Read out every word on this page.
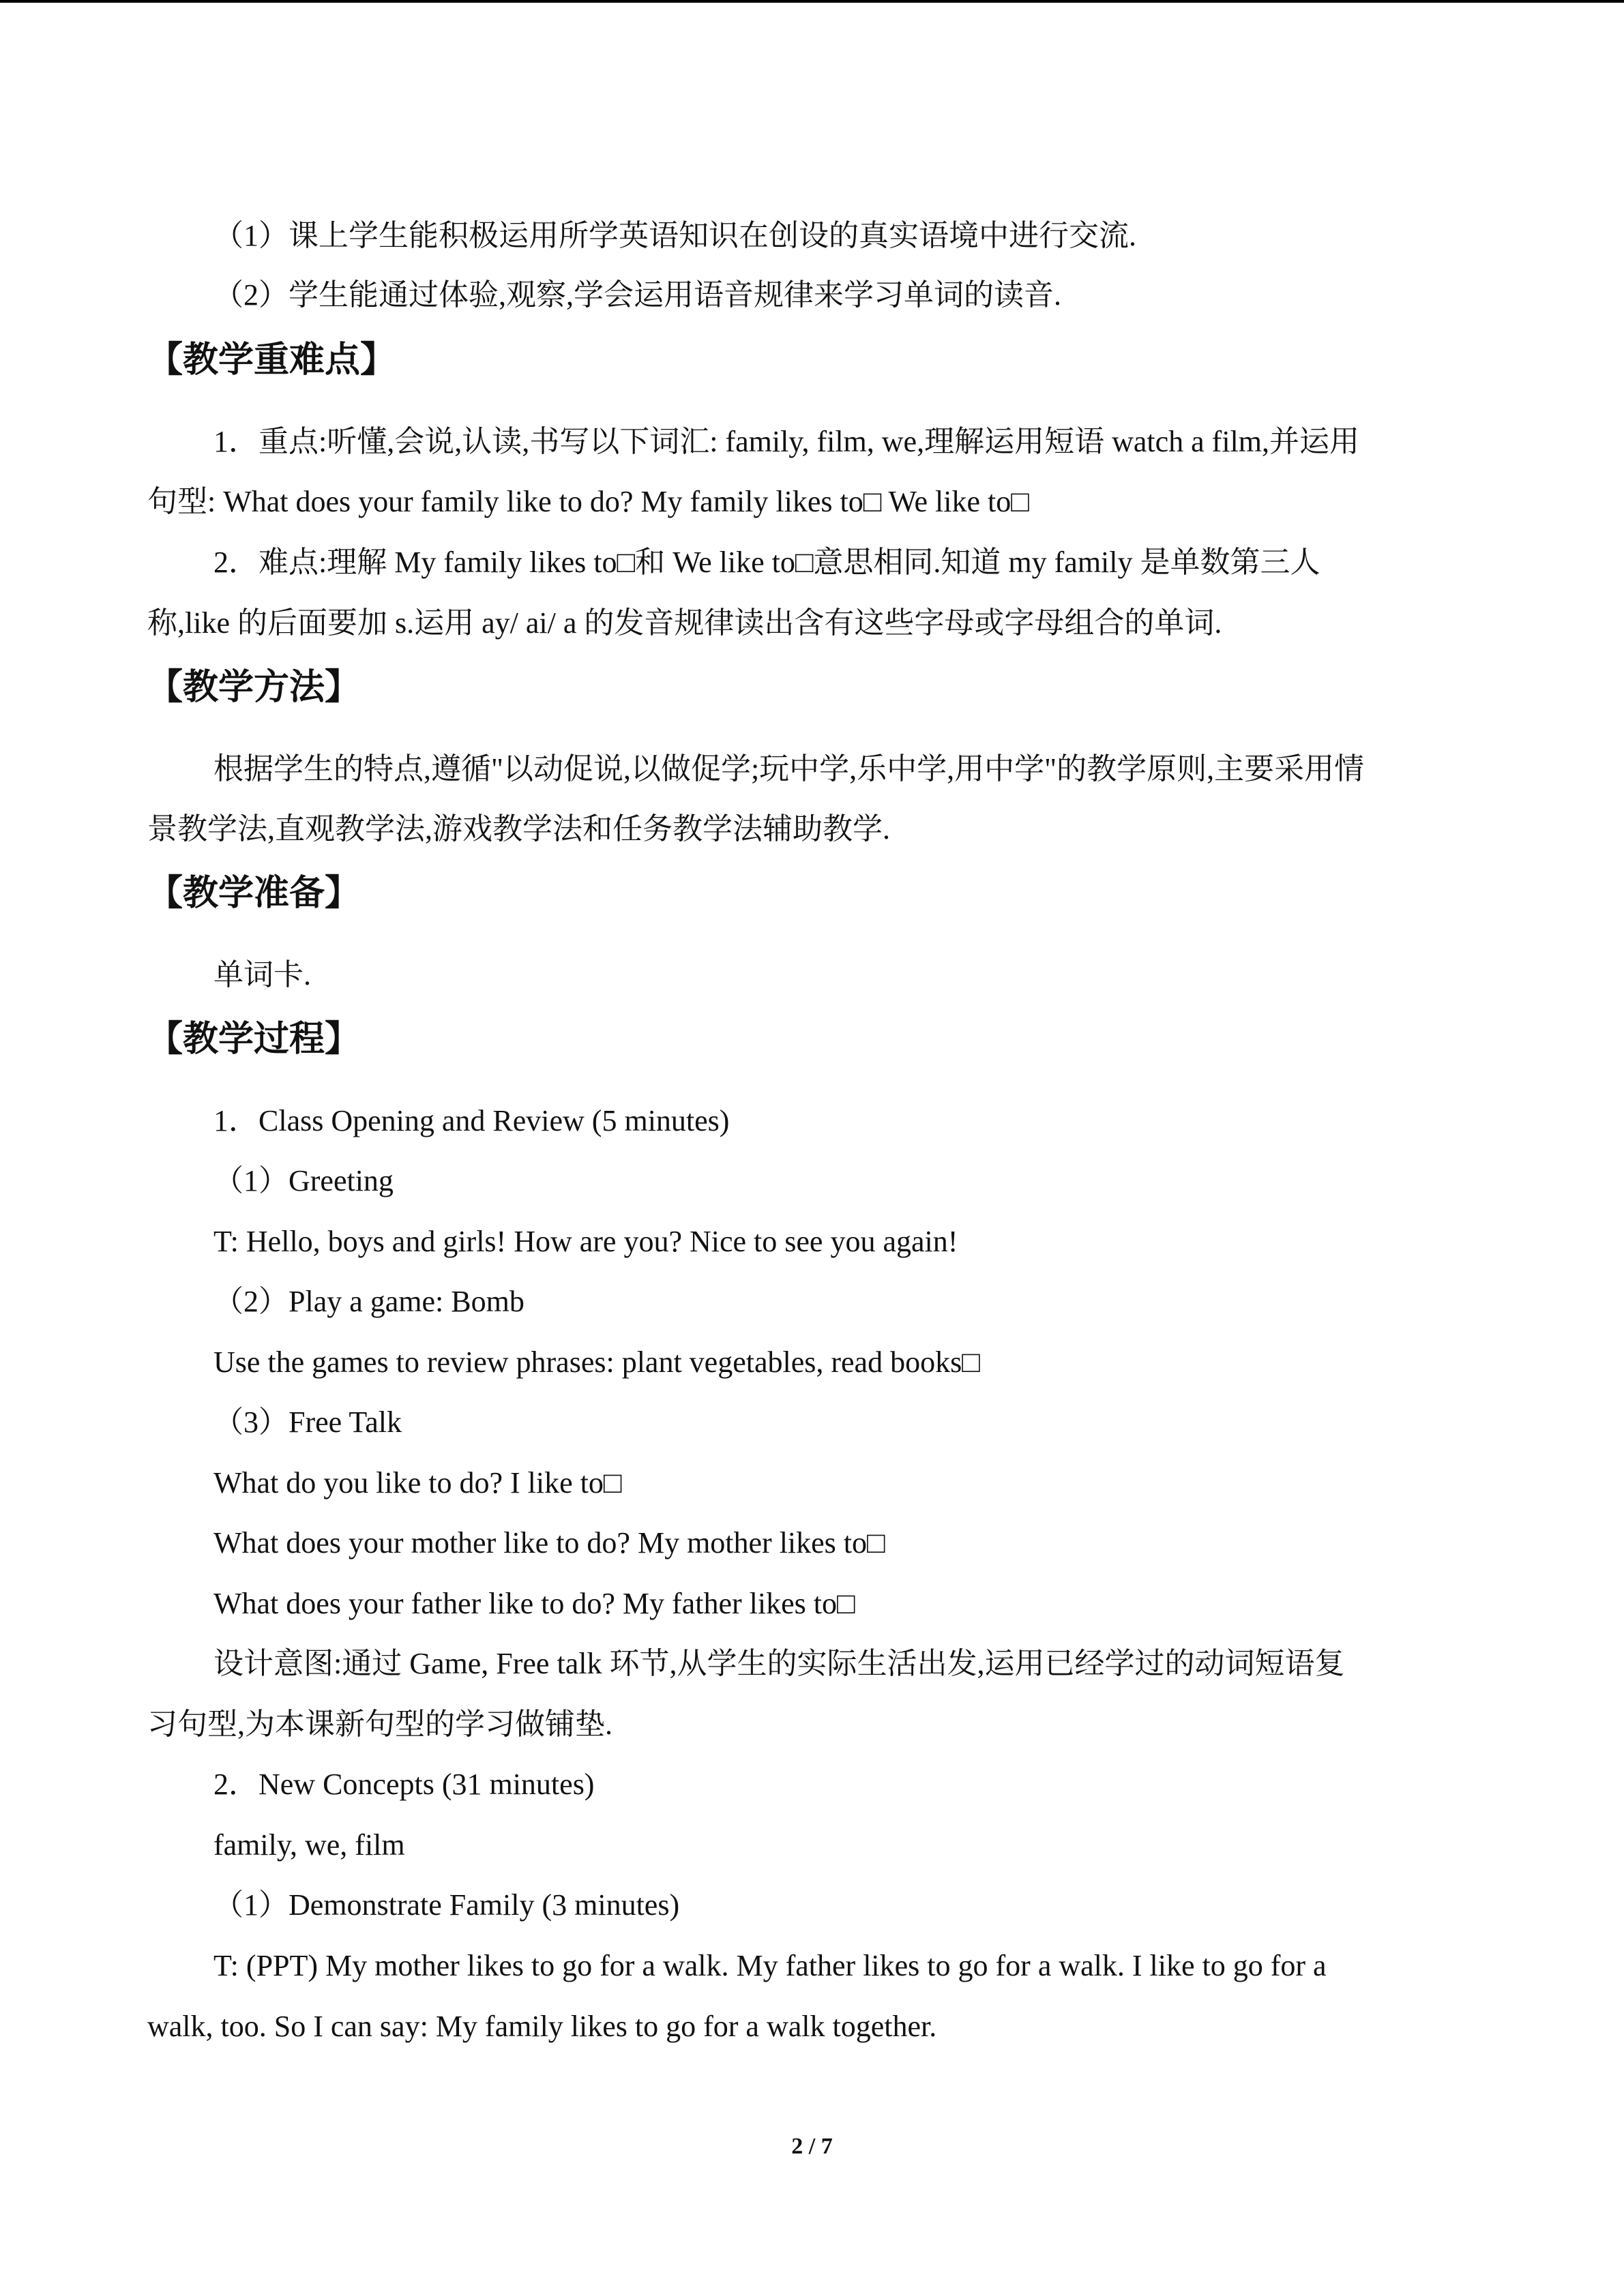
（1）课上学生能积极运用所学英语知识在创设的真实语境中进行交流.
（2）学生能通过体验,观察,学会运用语音规律来学习单词的读音.
【教学重难点】
1．重点:听懂,会说,认读,书写以下词汇: family, film, we,理解运用短语 watch a film,并运用
句型: What does your family like to do? My family likes to□ We like to□
2．难点:理解 My family likes to□和 We like to□意思相同.知道 my family 是单数第三人
称,like 的后面要加 s.运用 ay/ ai/ a 的发音规律读出含有这些字母或字母组合的单词.
【教学方法】
根据学生的特点,遵循"以动促说,以做促学;玩中学,乐中学,用中学"的教学原则,主要采用情
景教学法,直观教学法,游戏教学法和任务教学法辅助教学.
【教学准备】
单词卡.
【教学过程】
1．Class Opening and Review (5 minutes)
（1）Greeting
T: Hello, boys and girls! How are you? Nice to see you again!
（2）Play a game: Bomb
Use the games to review phrases: plant vegetables, read books□
（3）Free Talk
What do you like to do? I like to□
What does your mother like to do? My mother likes to□
What does your father like to do? My father likes to□
设计意图:通过 Game, Free talk 环节,从学生的实际生活出发,运用已经学过的动词短语复
习句型,为本课新句型的学习做铺垫.
2．New Concepts (31 minutes)
family, we, film
（1）Demonstrate Family (3 minutes)
T: (PPT) My mother likes to go for a walk. My father likes to go for a walk. I like to go for a
walk, too. So I can say: My family likes to go for a walk together.
2 / 7
